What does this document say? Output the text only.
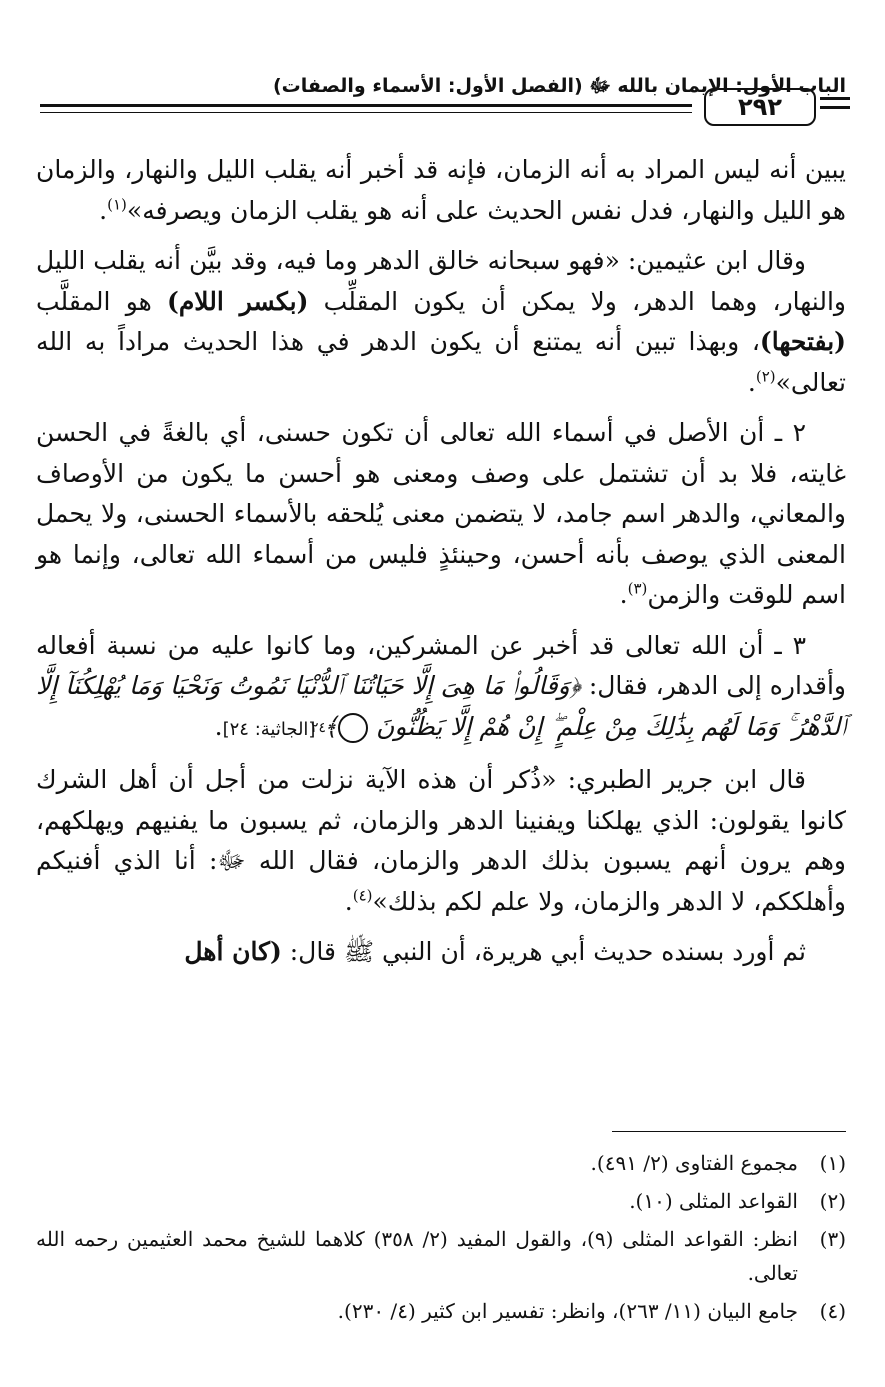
الباب الأول: الإيمان بالله ﷻ (الفصل الأول: الأسماء والصفات)
٢٩٢

يبين أنه ليس المراد به أنه الزمان، فإنه قد أخبر أنه يقلب الليل والنهار، والزمان هو الليل والنهار، فدل نفس الحديث على أنه هو يقلب الزمان ويصرفه»$^{(١)}$.

وقال ابن عثيمين: «فهو سبحانه خالق الدهر وما فيه، وقد بيَّن أنه يقلب الليل والنهار، وهما الدهر، ولا يمكن أن يكون المقلِّب (بكسر اللام) هو المقلَّب (بفتحها)، وبهذا تبين أنه يمتنع أن يكون الدهر في هذا الحديث مراداً به الله تعالى»$^{(٢)}$.

٢ ـ أن الأصل في أسماء الله تعالى أن تكون حسنى، أي بالغةً في الحسن غايته، فلا بد أن تشتمل على وصف ومعنى هو أحسن ما يكون من الأوصاف والمعاني، والدهر اسم جامد، لا يتضمن معنى يُلحقه بالأسماء الحسنى، ولا يحمل المعنى الذي يوصف بأنه أحسن، وحينئذٍ فليس من أسماء الله تعالى، وإنما هو اسم للوقت والزمن$^{(٣)}$.

٣ ـ أن الله تعالى قد أخبر عن المشركين، وما كانوا عليه من نسبة أفعاله وأقداره إلى الدهر، فقال: ﴿وَقَالُوا۟ مَا هِىَ إِلَّا حَيَاتُنَا ٱلدُّنْيَا نَمُوتُ وَنَحْيَا وَمَا يُهْلِكُنَآ إِلَّا ٱلدَّهْرُ ۚ وَمَا لَهُم بِذَٰلِكَ مِنْ عِلْمٍ ۖ إِنْ هُمْ إِلَّا يَظُنُّونَ ٢٤﴾ [الجاثية: ٢٤].

قال ابن جرير الطبري: «ذُكر أن هذه الآية نزلت من أجل أن أهل الشرك كانوا يقولون: الذي يهلكنا ويفنينا الدهر والزمان، ثم يسبون ما يفنيهم ويهلكهم، وهم يرون أنهم يسبون بذلك الدهر والزمان، فقال الله ﷻ: أنا الذي أفنيكم وأهلككم، لا الدهر والزمان، ولا علم لكم بذلك»$^{(٤)}$.

ثم أورد بسنده حديث أبي هريرة، أن النبي ﷺ قال: (كان أهل

(١)
مجموع الفتاوى (٢/ ٤٩١).
(٢)
القواعد المثلى (١٠).
(٣)
انظر: القواعد المثلى (٩)، والقول المفيد (٢/ ٣٥٨) كلاهما للشيخ محمد العثيمين رحمه الله تعالى.
(٤)
جامع البيان (١١/ ٢٦٣)، وانظر: تفسير ابن كثير (٤/ ٢٣٠).
